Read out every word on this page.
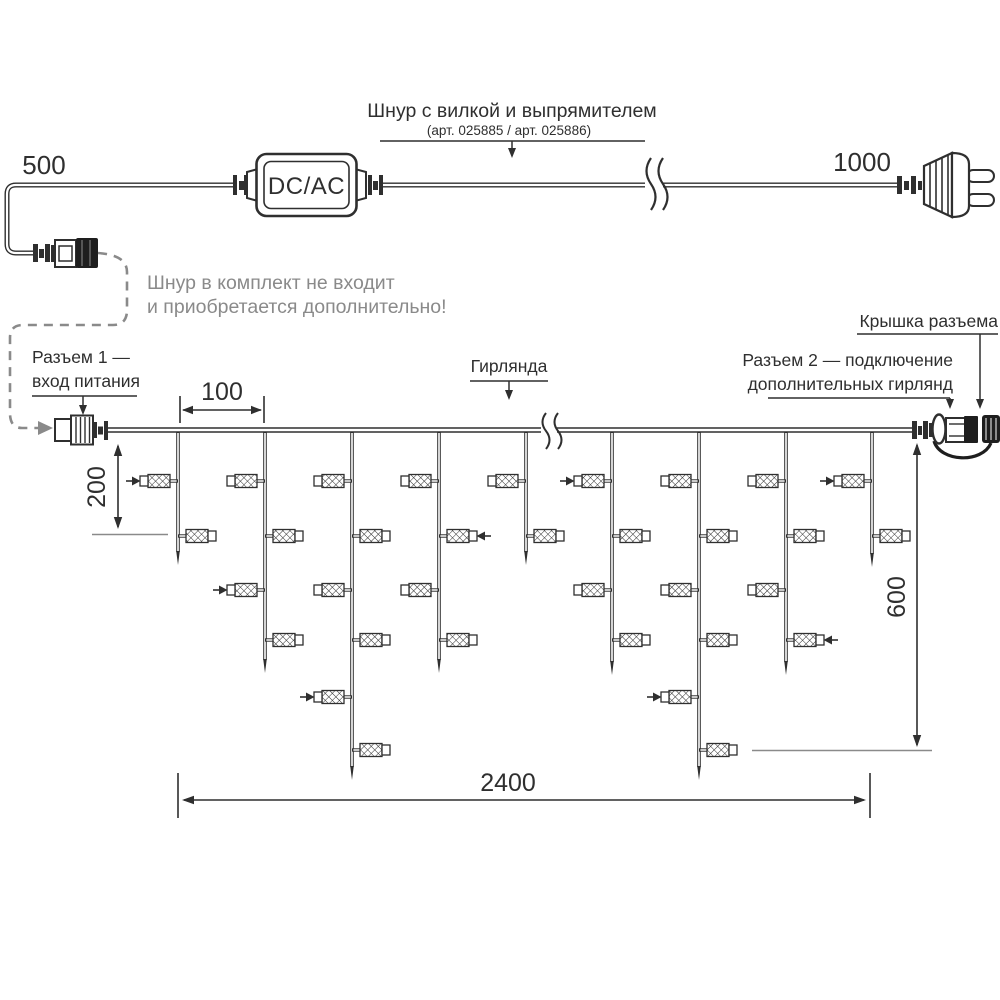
500	1000
Шнур с вилкой и выпрямителем
(арт. 025885 / арт. 025886)
DC/AC
Шнур в комплект не входит
и приобретается дополнительно!
Разъем 1 —
вход питания
Гирлянда
Крышка разъема
Разъем 2 — подключение
дополнительных гирлянд
100
200
600
2400
